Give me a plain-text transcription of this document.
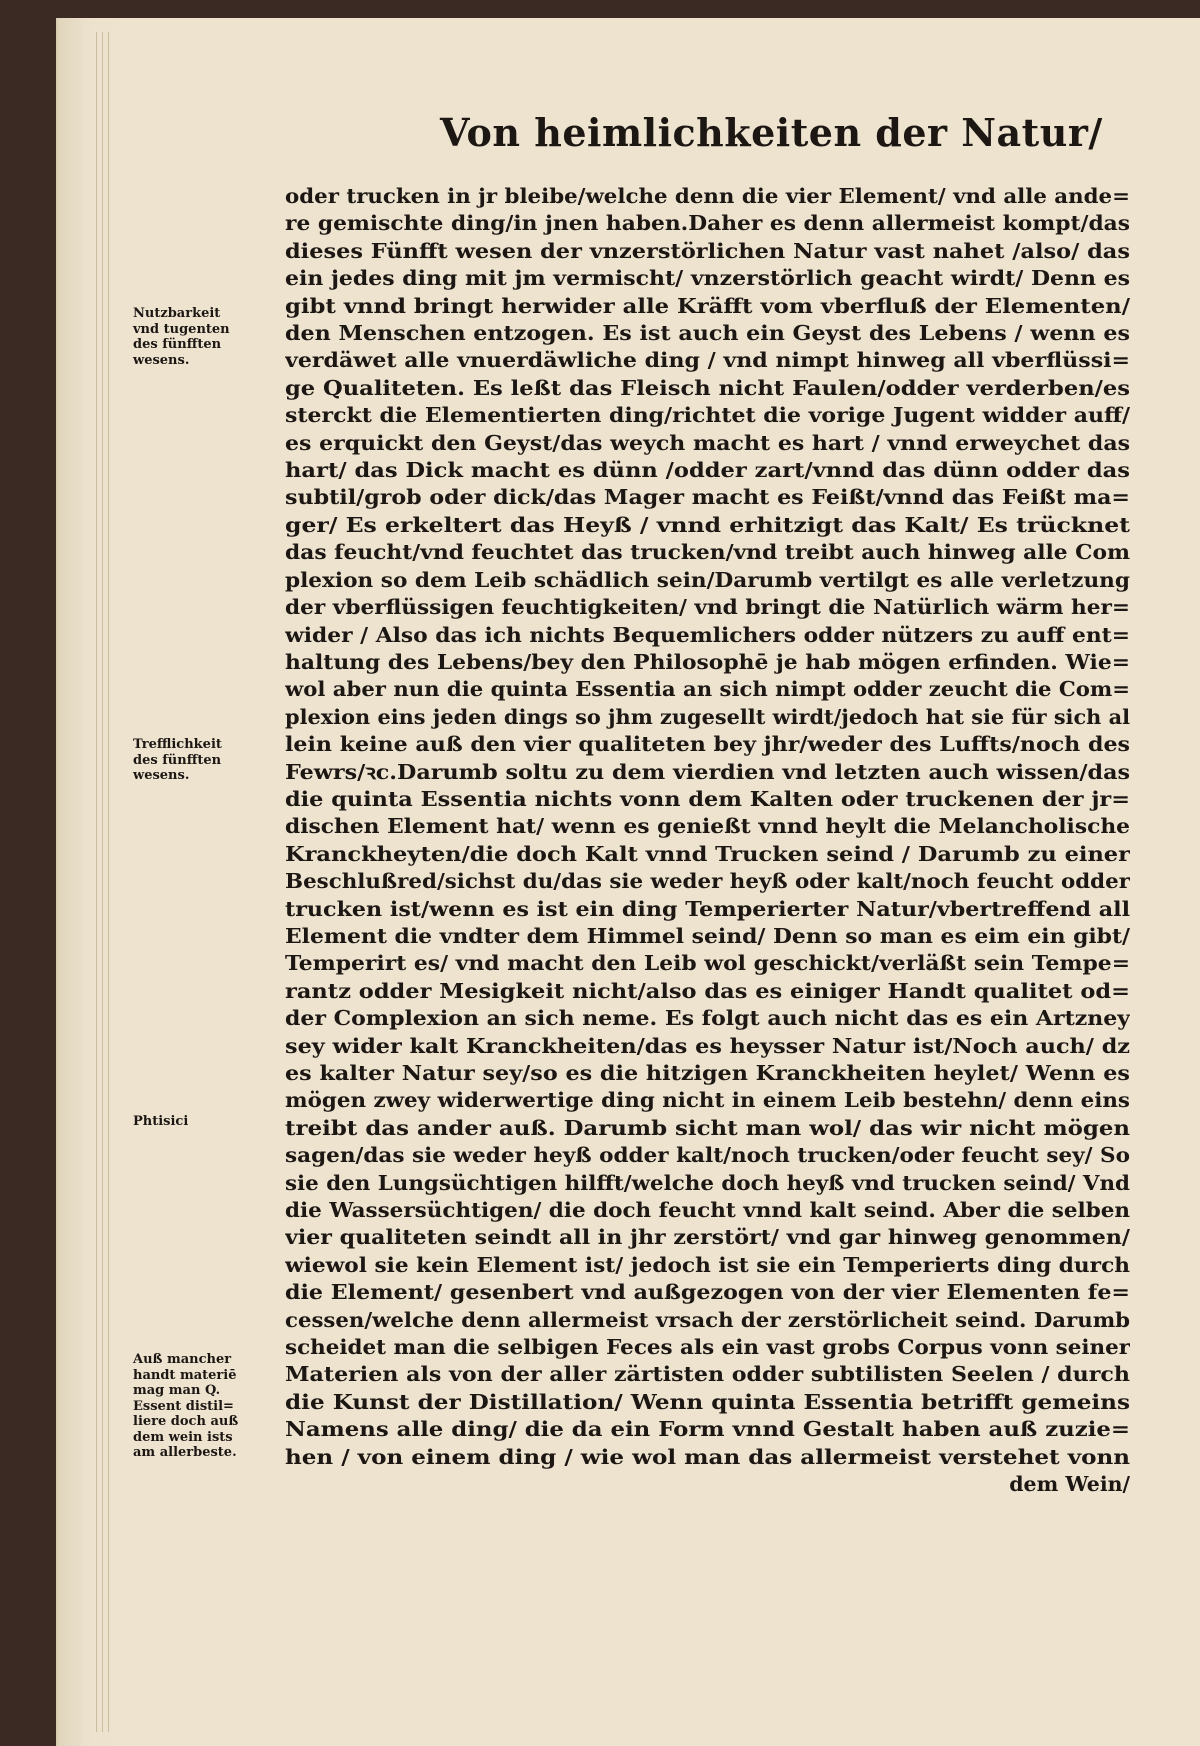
Von heimlichkeiten der Natur/
oder trucken in jr bleibe/welche denn die vier Element/ vnd alle ande=
re gemischte ding/in jnen haben.Daher es denn allermeist kompt/das
dieses Fünfft wesen der vnzerstörlichen Natur vast nahet /also/ das
ein jedes ding mit jm vermischt/ vnzerstörlich geacht wirdt/ Denn es
gibt vnnd bringt herwider alle Kräfft vom vberfluß der Elementen/
den Menschen entzogen. Es ist auch ein Geyst des Lebens / wenn es
verdäwet alle vnuerdäwliche ding / vnd nimpt hinweg all vberflüssi=
ge Qualiteten. Es leßt das Fleisch nicht Faulen/odder verderben/es
sterckt die Elementierten ding/richtet die vorige Jugent widder auff/
es erquickt den Geyst/das weych macht es hart / vnnd erweychet das
hart/ das Dick macht es dünn /odder zart/vnnd das dünn odder das
subtil/grob oder dick/das Mager macht es Feißt/vnnd das Feißt ma=
ger/ Es erkeltert das Heyß / vnnd erhitzigt das Kalt/ Es trücknet
das feucht/vnd feuchtet das trucken/vnd treibt auch hinweg alle Com
plexion so dem Leib schädlich sein/Darumb vertilgt es alle verletzung
der vberflüssigen feuchtigkeiten/ vnd bringt die Natürlich wärm her=
wider / Also das ich nichts Bequemlichers odder nützers zu auff ent=
haltung des Lebens/bey den Philosophē je hab mögen erfinden. Wie=
wol aber nun die quinta Essentia an sich nimpt odder zeucht die Com=
plexion eins jeden dings so jhm zugesellt wirdt/jedoch hat sie für sich al
lein keine auß den vier qualiteten bey jhr/weder des Luffts/noch des
Fewrs/ꝛc.Darumb soltu zu dem vierdien vnd letzten auch wissen/das
die quinta Essentia nichts vonn dem Kalten oder truckenen der jr=
dischen Element hat/ wenn es genießt vnnd heylt die Melancholische
Kranckheyten/die doch Kalt vnnd Trucken seind / Darumb zu einer
Beschlußred/sichst du/das sie weder heyß oder kalt/noch feucht odder
trucken ist/wenn es ist ein ding Temperierter Natur/vbertreffend all
Element die vndter dem Himmel seind/ Denn so man es eim ein gibt/
Temperirt es/ vnd macht den Leib wol geschickt/verläßt sein Tempe=
rantz odder Mesigkeit nicht/also das es einiger Handt qualitet od=
der Complexion an sich neme. Es folgt auch nicht das es ein Artzney
sey wider kalt Kranckheiten/das es heysser Natur ist/Noch auch/ dz
es kalter Natur sey/so es die hitzigen Kranckheiten heylet/ Wenn es
mögen zwey widerwertige ding nicht in einem Leib bestehn/ denn eins
treibt das ander auß. Darumb sicht man wol/ das wir nicht mögen
sagen/das sie weder heyß odder kalt/noch trucken/oder feucht sey/ So
sie den Lungsüchtigen hilfft/welche doch heyß vnd trucken seind/ Vnd
die Wassersüchtigen/ die doch feucht vnnd kalt seind. Aber die selben
vier qualiteten seindt all in jhr zerstört/ vnd gar hinweg genommen/
wiewol sie kein Element ist/ jedoch ist sie ein Temperierts ding durch
die Element/ gesenbert vnd außgezogen von der vier Elementen fe=
cessen/welche denn allermeist vrsach der zerstörlicheit seind. Darumb
scheidet man die selbigen Feces als ein vast grobs Corpus vonn seiner
Materien als von der aller zärtisten odder subtilisten Seelen / durch
die Kunst der Distillation/ Wenn quinta Essentia betrifft gemeins
Namens alle ding/ die da ein Form vnnd Gestalt haben auß zuzie=
hen / von einem ding / wie wol man das allermeist verstehet vonn
dem Wein/
Nutzbarkeit
vnd tugenten
des fünfften
wesens.
Trefflichkeit
des fünfften
wesens.
Phtisici
Auß mancher
handt materiē
mag man Q.
Essent distil=
liere doch auß
dem wein ists
am allerbeste.
